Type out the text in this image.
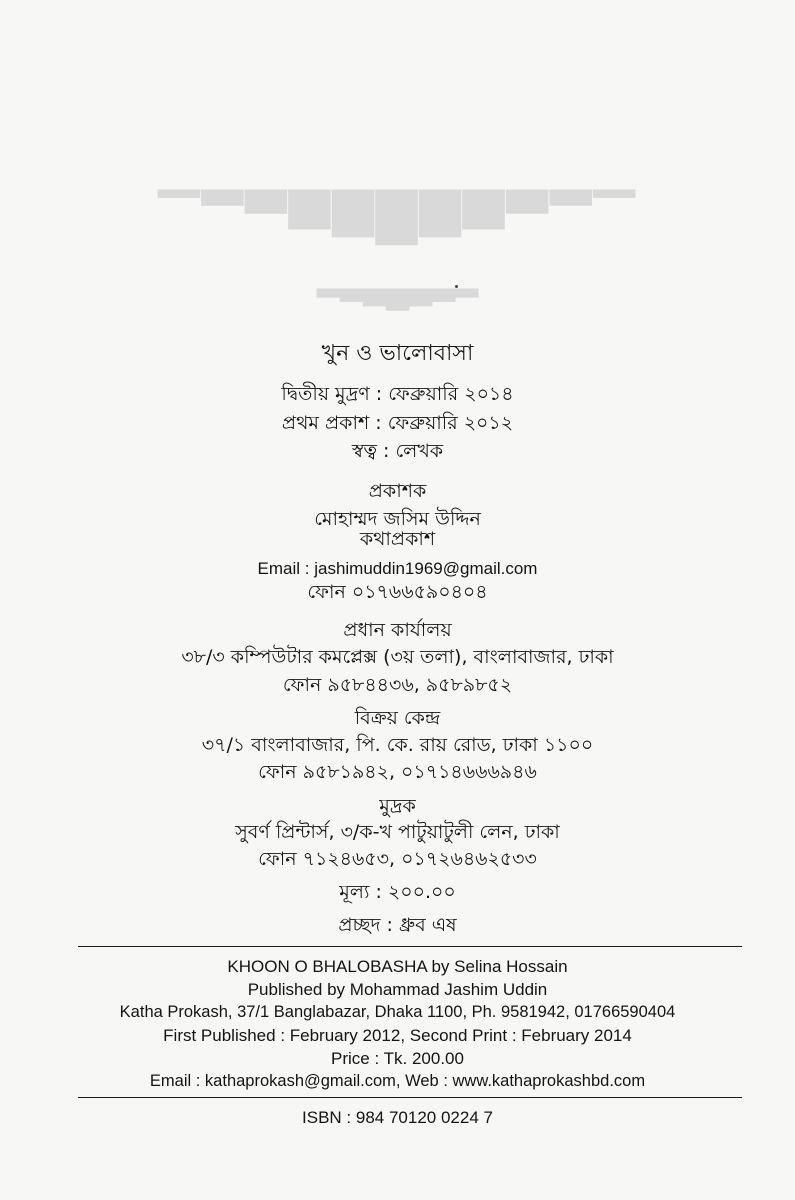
▁▂▃▅▆▇▆▅▃▂▁
▂▃▄▅▄▃▂
খুন ও ভালোবাসা
দ্বিতীয় মুদ্রণ : ফেব্রুয়ারি ২০১৪
প্রথম প্রকাশ : ফেব্রুয়ারি ২০১২
স্বত্ব : লেখক
প্রকাশক
মোহাম্মদ জসিম উদ্দিন
কথাপ্রকাশ
Email : jashimuddin1969@gmail.com
ফোন ০১৭৬৬৫৯০৪০৪
প্রধান কার্যালয়
৩৮/৩ কম্পিউটার কমপ্লেক্স (৩য় তলা), বাংলাবাজার, ঢাকা
ফোন ৯৫৮৪৪৩৬, ৯৫৮৯৮৫২
বিক্রয় কেন্দ্র
৩৭/১ বাংলাবাজার, পি. কে. রায় রোড, ঢাকা ১১০০
ফোন ৯৫৮১৯৪২, ০১৭১৪৬৬৬৯৪৬
মুদ্রক
সুবর্ণ প্রিন্টার্স, ৩/ক-খ পাটুয়াটুলী লেন, ঢাকা
ফোন ৭১২৪৬৫৩, ০১৭২৬৪৬২৫৩৩
মূল্য : ২০০.০০
প্রচ্ছদ : ধ্রুব এষ
KHOON O BHALOBASHA by Selina Hossain
Published by Mohammad Jashim Uddin
Katha Prokash, 37/1 Banglabazar, Dhaka 1100, Ph. 9581942, 01766590404
First Published : February 2012, Second Print : February 2014
Price : Tk. 200.00
Email : kathaprokash@gmail.com, Web : www.kathaprokashbd.com
ISBN : 984 70120 0224 7
